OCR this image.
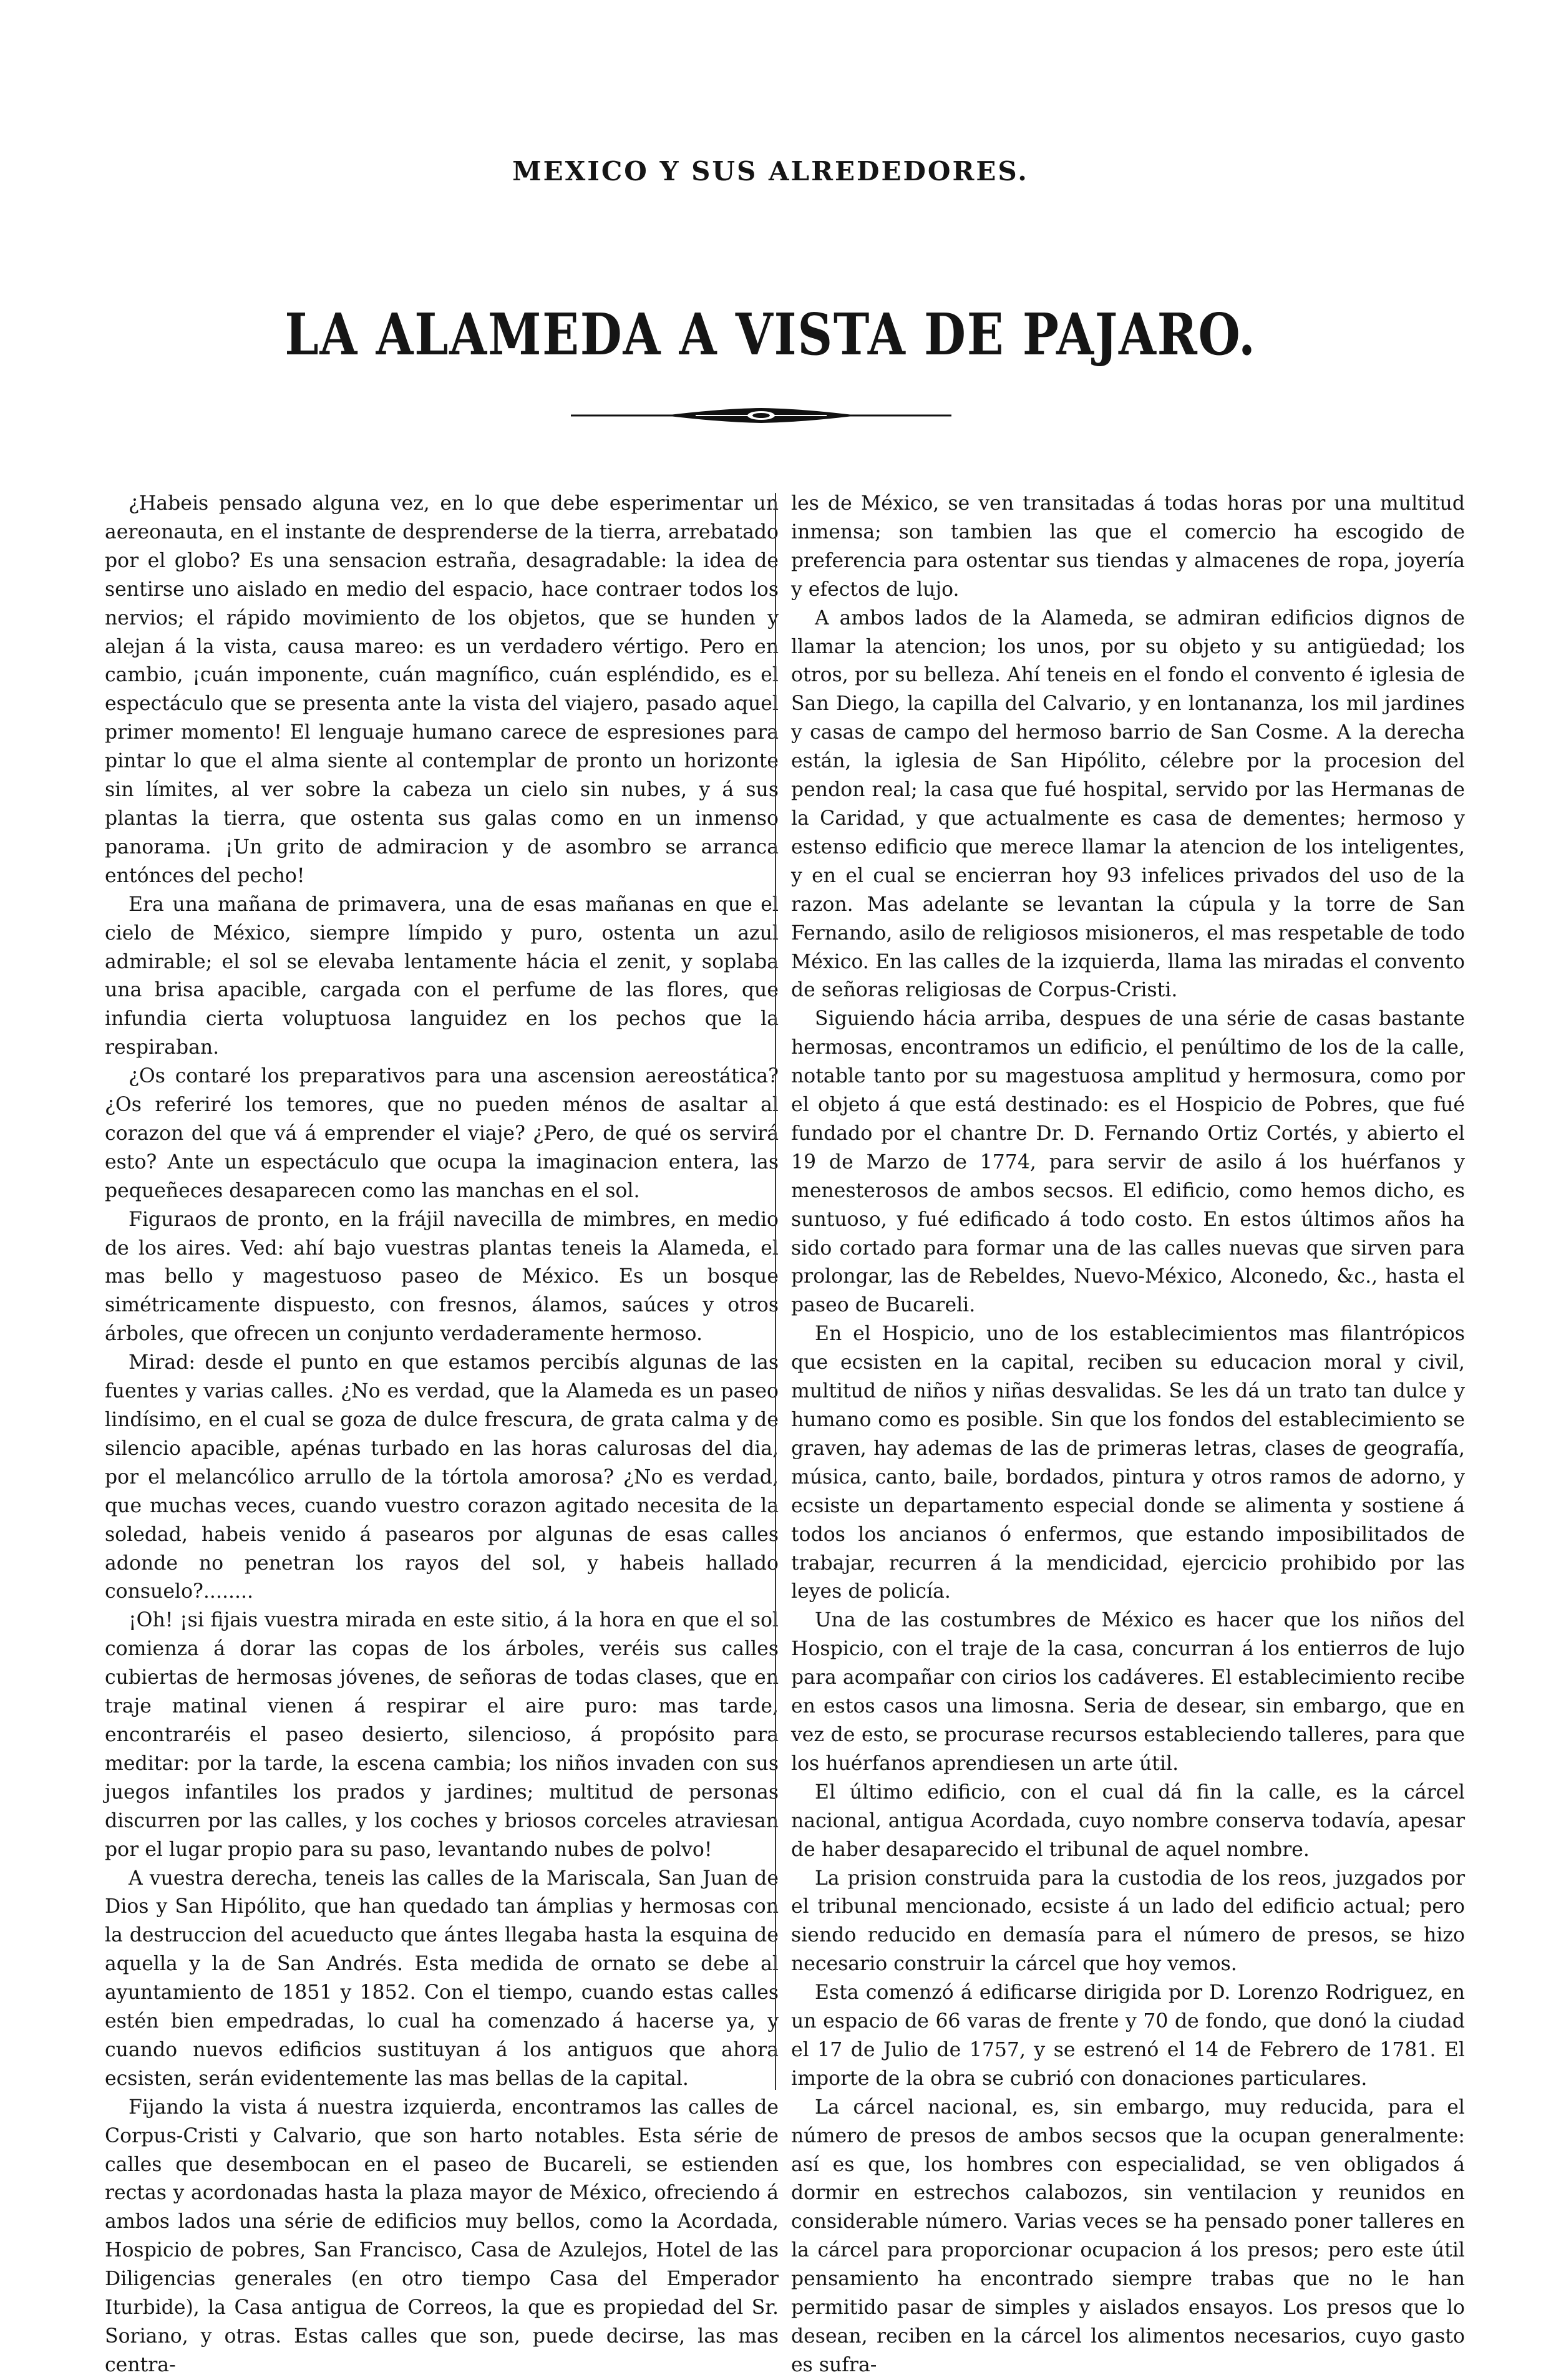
MEXICO Y SUS ALREDEDORES.
LA ALAMEDA A VISTA DE PAJARO.

¿Habeis pensado alguna vez, en lo que debe esperimentar un aereonauta, en el instante de desprenderse de la tierra, arrebatado por el globo? Es una sensacion estraña, desagradable: la idea de sentirse uno aislado en medio del espacio, hace contraer todos los nervios; el rápido movimiento de los objetos, que se hunden y alejan á la vista, causa mareo: es un verdadero vértigo. Pero en cambio, ¡cuán imponente, cuán magnífico, cuán espléndido, es el espectáculo que se presenta ante la vista del viajero, pasado aquel primer momento! El lenguaje humano carece de espresiones para pintar lo que el alma siente al contemplar de pronto un horizonte sin límites, al ver sobre la cabeza un cielo sin nubes, y á sus plantas la tierra, que ostenta sus galas como en un inmenso panorama. ¡Un grito de admiracion y de asombro se arranca entónces del pecho!

Era una mañana de primavera, una de esas mañanas en que el cielo de México, siempre límpido y puro, ostenta un azul admirable; el sol se elevaba lentamente hácia el zenit, y soplaba una brisa apacible, cargada con el perfume de las flores, que infundia cierta voluptuosa languidez en los pechos que la respiraban.

¿Os contaré los preparativos para una ascension aereostática? ¿Os referiré los temores, que no pueden ménos de asaltar al corazon del que vá á emprender el viaje? ¿Pero, de qué os servirá esto? Ante un espectáculo que ocupa la imaginacion entera, las pequeñeces desaparecen como las manchas en el sol.

Figuraos de pronto, en la frájil navecilla de mimbres, en medio de los aires. Ved: ahí bajo vuestras plantas teneis la Alameda, el mas bello y magestuoso paseo de México. Es un bosque simétricamente dispuesto, con fresnos, álamos, saúces y otros árboles, que ofrecen un conjunto verdaderamente hermoso.

Mirad: desde el punto en que estamos percibís algunas de las fuentes y varias calles. ¿No es verdad, que la Alameda es un paseo lindísimo, en el cual se goza de dulce frescura, de grata calma y de silencio apacible, apénas turbado en las horas calurosas del dia, por el melancólico arrullo de la tórtola amorosa? ¿No es verdad, que muchas veces, cuando vuestro corazon agitado necesita de la soledad, habeis venido á pasearos por algunas de esas calles adonde no penetran los rayos del sol, y habeis hallado consuelo?........

¡Oh! ¡si fijais vuestra mirada en este sitio, á la hora en que el sol comienza á dorar las copas de los árboles, veréis sus calles cubiertas de hermosas jóvenes, de señoras de todas clases, que en traje matinal vienen á respirar el aire puro: mas tarde, encontraréis el paseo desierto, silencioso, á propósito para meditar: por la tarde, la escena cambia; los niños invaden con sus juegos infantiles los prados y jardines; multitud de personas discurren por las calles, y los coches y briosos corceles atraviesan por el lugar propio para su paso, levantando nubes de polvo!

A vuestra derecha, teneis las calles de la Mariscala, San Juan de Dios y San Hipólito, que han quedado tan ámplias y hermosas con la destruccion del acueducto que ántes llegaba hasta la esquina de aquella y la de San Andrés. Esta medida de ornato se debe al ayuntamiento de 1851 y 1852. Con el tiempo, cuando estas calles estén bien empedradas, lo cual ha comenzado á hacerse ya, y cuando nuevos edificios sustituyan á los antiguos que ahora ecsisten, serán evidentemente las mas bellas de la capital.

Fijando la vista á nuestra izquierda, encontramos las calles de Corpus-Cristi y Calvario, que son harto notables. Esta série de calles que desembocan en el paseo de Bucareli, se estienden rectas y acordonadas hasta la plaza mayor de México, ofreciendo á ambos lados una série de edificios muy bellos, como la Acordada, Hospicio de pobres, San Francisco, Casa de Azulejos, Hotel de las Diligencias generales (en otro tiempo Casa del Emperador Iturbide), la Casa antigua de Correos, la que es propiedad del Sr. Soriano, y otras. Estas calles que son, puede decirse, las mas centra-

les de México, se ven transitadas á todas horas por una multitud inmensa; son tambien las que el comercio ha escogido de preferencia para ostentar sus tiendas y almacenes de ropa, joyería y efectos de lujo.

A ambos lados de la Alameda, se admiran edificios dignos de llamar la atencion; los unos, por su objeto y su antigüedad; los otros, por su belleza. Ahí teneis en el fondo el convento é iglesia de San Diego, la capilla del Calvario, y en lontananza, los mil jardines y casas de campo del hermoso barrio de San Cosme. A la derecha están, la iglesia de San Hipólito, célebre por la procesion del pendon real; la casa que fué hospital, servido por las Hermanas de la Caridad, y que actualmente es casa de dementes; hermoso y estenso edificio que merece llamar la atencion de los inteligentes, y en el cual se encierran hoy 93 infelices privados del uso de la razon. Mas adelante se levantan la cúpula y la torre de San Fernando, asilo de religiosos misioneros, el mas respetable de todo México. En las calles de la izquierda, llama las miradas el convento de señoras religiosas de Corpus-Cristi.

Siguiendo hácia arriba, despues de una série de casas bastante hermosas, encontramos un edificio, el penúltimo de los de la calle, notable tanto por su magestuosa amplitud y hermosura, como por el objeto á que está destinado: es el Hospicio de Pobres, que fué fundado por el chantre Dr. D. Fernando Ortiz Cortés, y abierto el 19 de Marzo de 1774, para servir de asilo á los huérfanos y menesterosos de ambos secsos. El edificio, como hemos dicho, es suntuoso, y fué edificado á todo costo. En estos últimos años ha sido cortado para formar una de las calles nuevas que sirven para prolongar, las de Rebeldes, Nuevo-México, Alconedo, &c., hasta el paseo de Bucareli.

En el Hospicio, uno de los establecimientos mas filantrópicos que ecsisten en la capital, reciben su educacion moral y civil, multitud de niños y niñas desvalidas. Se les dá un trato tan dulce y humano como es posible. Sin que los fondos del establecimiento se graven, hay ademas de las de primeras letras, clases de geografía, música, canto, baile, bordados, pintura y otros ramos de adorno, y ecsiste un departamento especial donde se alimenta y sostiene á todos los ancianos ó enfermos, que estando imposibilitados de trabajar, recurren á la mendicidad, ejercicio prohibido por las leyes de policía.

Una de las costumbres de México es hacer que los niños del Hospicio, con el traje de la casa, concurran á los entierros de lujo para acompañar con cirios los cadáveres. El establecimiento recibe en estos casos una limosna. Seria de desear, sin embargo, que en vez de esto, se procurase recursos estableciendo talleres, para que los huérfanos aprendiesen un arte útil.

El último edificio, con el cual dá fin la calle, es la cárcel nacional, antigua Acordada, cuyo nombre conserva todavía, apesar de haber desaparecido el tribunal de aquel nombre.

La prision construida para la custodia de los reos, juzgados por el tribunal mencionado, ecsiste á un lado del edificio actual; pero siendo reducido en demasía para el número de presos, se hizo necesario construir la cárcel que hoy vemos.

Esta comenzó á edificarse dirigida por D. Lorenzo Rodriguez, en un espacio de 66 varas de frente y 70 de fondo, que donó la ciudad el 17 de Julio de 1757, y se estrenó el 14 de Febrero de 1781. El importe de la obra se cubrió con donaciones particulares.

La cárcel nacional, es, sin embargo, muy reducida, para el número de presos de ambos secsos que la ocupan generalmente: así es que, los hombres con especialidad, se ven obligados á dormir en estrechos calabozos, sin ventilacion y reunidos en considerable número. Varias veces se ha pensado poner talleres en la cárcel para proporcionar ocupacion á los presos; pero este útil pensamiento ha encontrado siempre trabas que no le han permitido pasar de simples y aislados ensayos. Los presos que lo desean, reciben en la cárcel los alimentos necesarios, cuyo gasto es sufra-
